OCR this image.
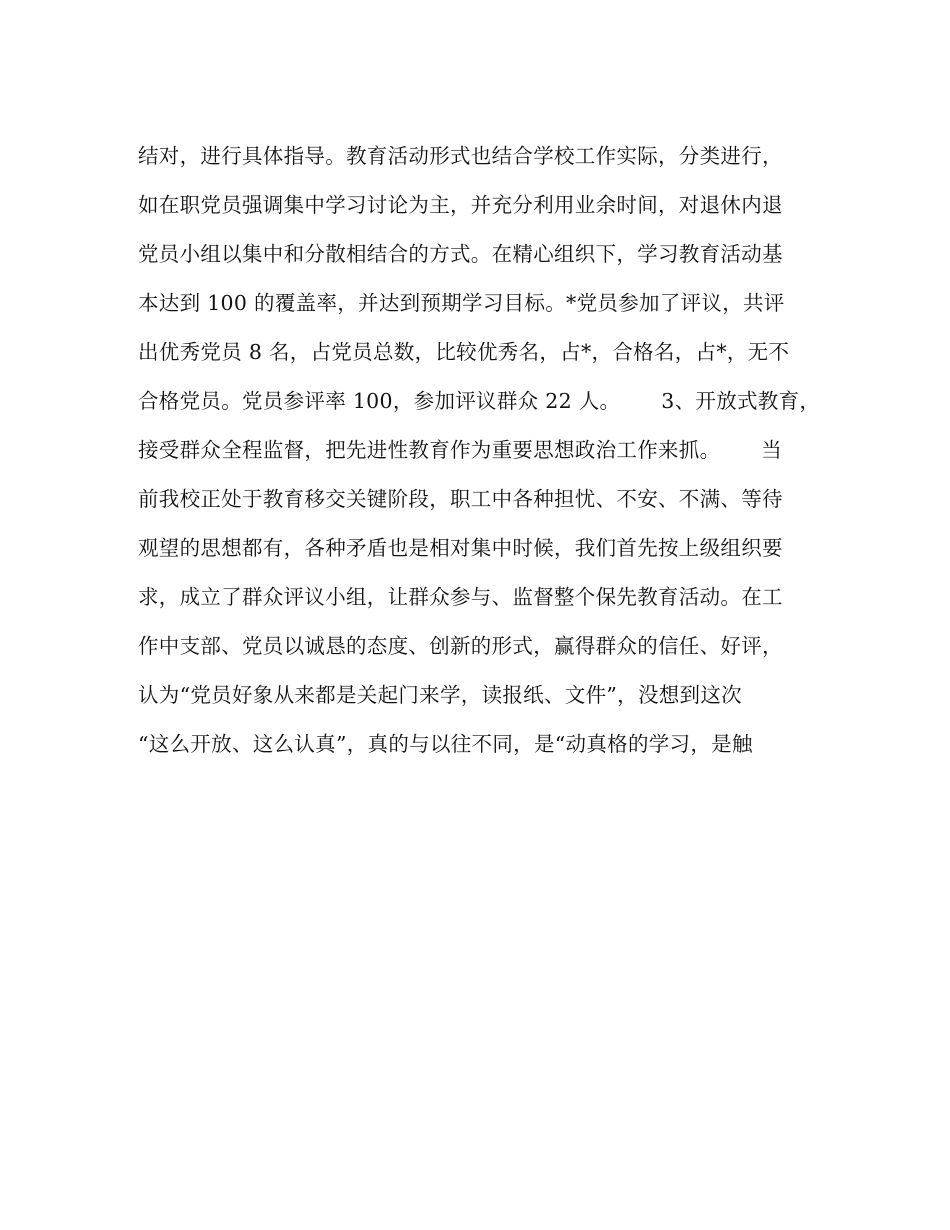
结对，进行具体指导。教育活动形式也结合学校工作实际，分类进行，
如在职党员强调集中学习讨论为主，并充分利用业余时间，对退休内退
党员小组以集中和分散相结合的方式。在精心组织下，学习教育活动基
本达到 100 的覆盖率，并达到预期学习目标。*党员参加了评议，共评
出优秀党员 8 名，占党员总数，比较优秀名，占*，合格名，占*，无不
合格党员。党员参评率 100，参加评议群众 22 人。      3、开放式教育，
接受群众全程监督，把先进性教育作为重要思想政治工作来抓。      当
前我校正处于教育移交关键阶段，职工中各种担忧、不安、不满、等待
观望的思想都有，各种矛盾也是相对集中时候，我们首先按上级组织要
求，成立了群众评议小组，让群众参与、监督整个保先教育活动。在工
作中支部、党员以诚恳的态度、创新的形式，赢得群众的信任、好评，
认为“党员好象从来都是关起门来学，读报纸、文件”，没想到这次
“这么开放、这么认真”，真的与以往不同，是“动真格的学习，是触
